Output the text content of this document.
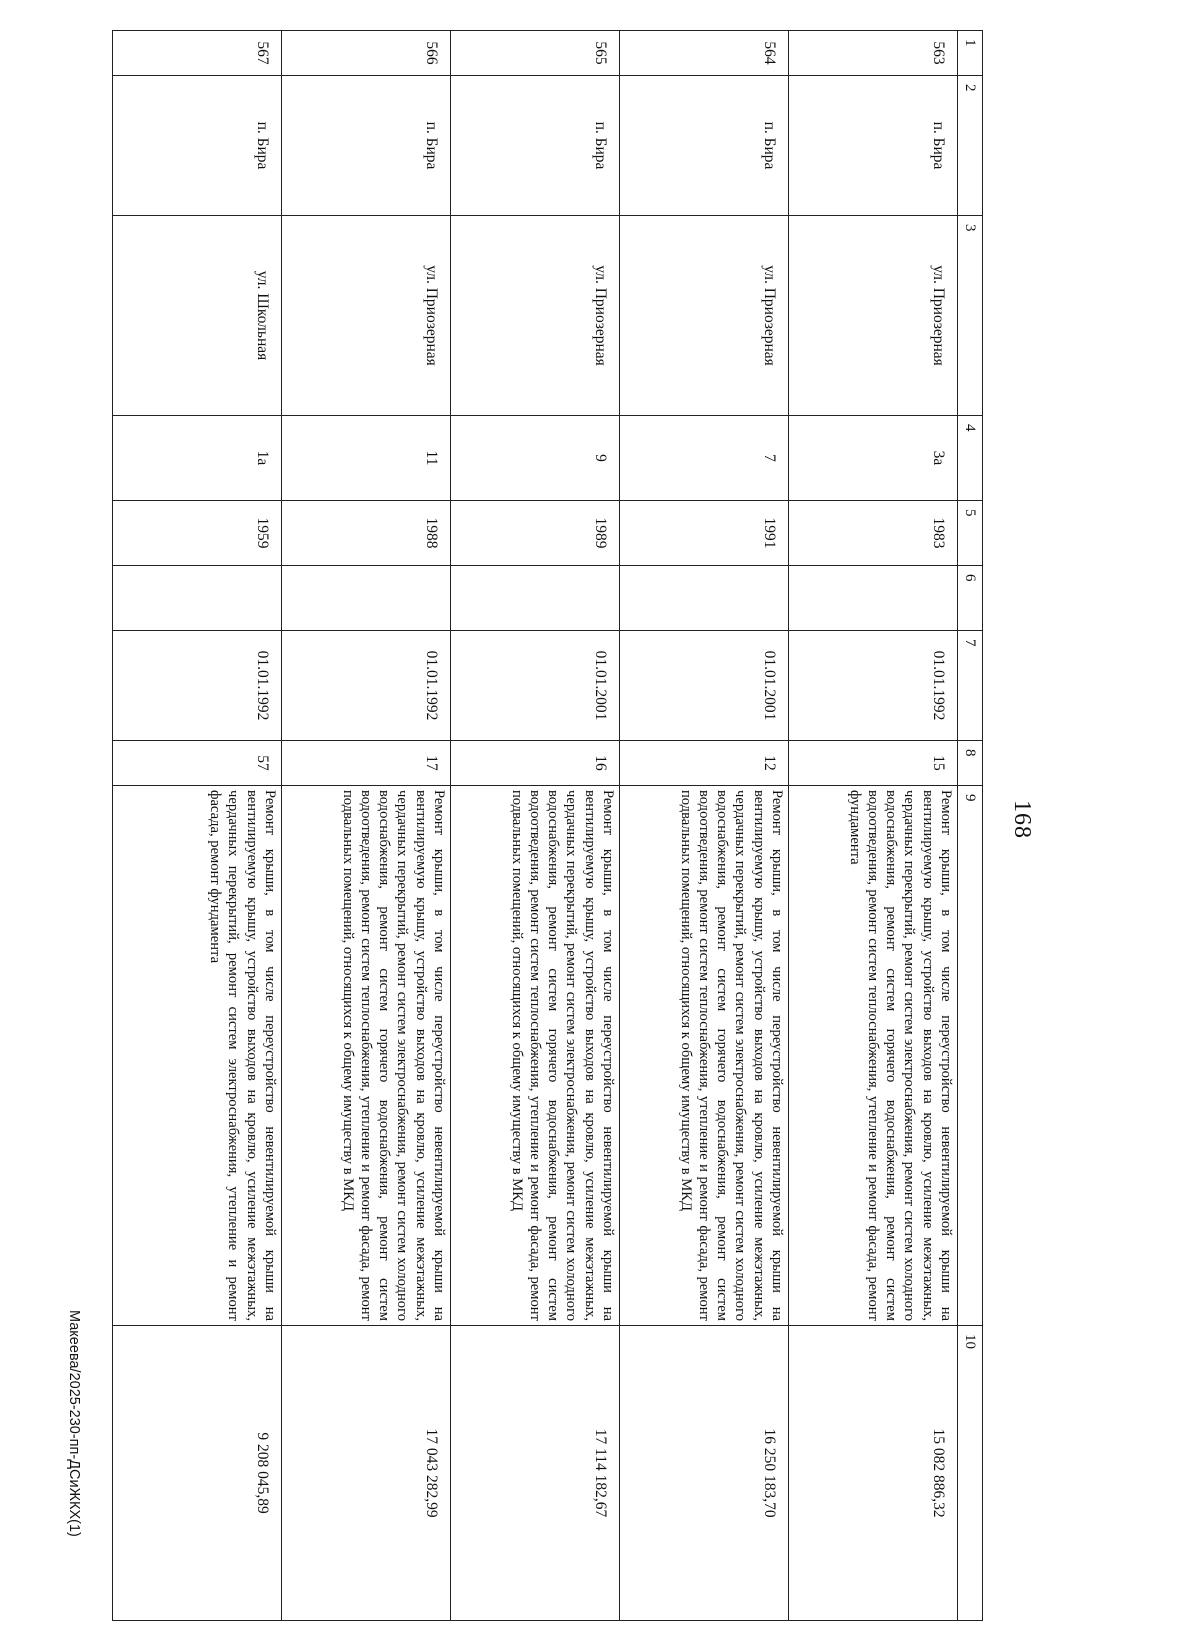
168
1	2	3	4	5	6	7	8	9	10
563	п. Бира	ул. Приозерная	3а	1983		01.01.1992	15	Ремонт крыши, в том числе переустройство невентилируемой крыши на вентилируемую крышу, устройство выходов на кровлю, усиление межэтажных, чердачных перекрытий, ремонт систем электроснабжения, ремонт систем холодного водоснабжения, ремонт систем горячего водоснабжения, ремонт систем водоотведения, ремонт систем теплоснабжения, утепление и ремонт фасада, ремонт фундамента	15 082 886,32
564	п. Бира	ул. Приозерная	7	1991		01.01.2001	12	Ремонт крыши, в том числе переустройство невентилируемой крыши на вентилируемую крышу, устройство выходов на кровлю, усиление межэтажных, чердачных перекрытий, ремонт систем электроснабжения, ремонт систем холодного водоснабжения, ремонт систем горячего водоснабжения, ремонт систем водоотведения, ремонт систем теплоснабжения, утепление и ремонт фасада, ремонт подвальных помещений, относящихся к общему имуществу в МКД	16 250 183,70
565	п. Бира	ул. Приозерная	9	1989		01.01.2001	16	Ремонт крыши, в том числе переустройство невентилируемой крыши на вентилируемую крышу, устройство выходов на кровлю, усиление межэтажных, чердачных перекрытий, ремонт систем электроснабжения, ремонт систем холодного водоснабжения, ремонт систем горячего водоснабжения, ремонт систем водоотведения, ремонт систем теплоснабжения, утепление и ремонт фасада, ремонт подвальных помещений, относящихся к общему имуществу в МКД	17 114 182,67
566	п. Бира	ул. Приозерная	11	1988		01.01.1992	17	Ремонт крыши, в том числе переустройство невентилируемой крыши на вентилируемую крышу, устройство выходов на кровлю, усиление межэтажных, чердачных перекрытий, ремонт систем электроснабжения, ремонт систем холодного водоснабжения, ремонт систем горячего водоснабжения, ремонт систем водоотведения, ремонт систем теплоснабжения, утепление и ремонт фасада, ремонт подвальных помещений, относящихся к общему имуществу в МКД	17 043 282,99
567	п. Бира	ул. Школьная	1а	1959		01.01.1992	57	Ремонт крыши, в том числе переустройство невентилируемой крыши на вентилируемую крышу, устройство выходов на кровлю, усиление межэтажных, чердачных перекрытий, ремонт систем электроснабжения, утепление и ремонт фасада, ремонт фундамента	9 208 045,89
Макеева/2025-230-пп-ДСиЖКХ(1)
